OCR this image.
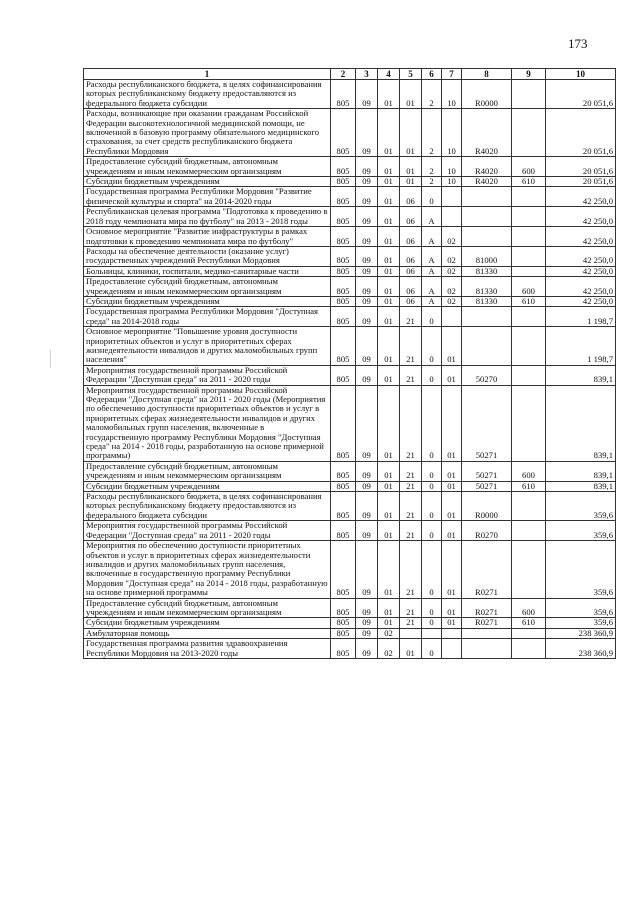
173
1	2	3	4	5	6	7	8	9	10
Расходы республиканского бюджета, в целях софинансирования которых республиканскому бюджету предоставляются из федерального бюджета субсидии	805	09	01	01	2	10	R0000		20 051,6
Расходы, возникающие при оказании гражданам Российской Федерации высокотехнологичной медицинской помощи, не включенной в базовую программу обязательного медицинского страхования, за счет средств республиканского бюджета Республики Мордовия	805	09	01	01	2	10	R4020		20 051,6
Предоставление субсидий бюджетным, автономным учреждениям и иным некоммерческим организациям	805	09	01	01	2	10	R4020	600	20 051,6
Субсидии бюджетным учреждениям	805	09	01	01	2	10	R4020	610	20 051,6
Государственная программа Республики Мордовия "Развитие физической культуры и спорта" на 2014-2020 годы	805	09	01	06	0				42 250,0
Республиканская целевая программа "Подготовка к проведению в 2018 году чемпионата мира по футболу" на 2013 - 2018 годы	805	09	01	06	А				42 250,0
Основное мероприятие "Развитие инфраструктуры в рамках подготовки к проведению чемпионата мира по футболу"	805	09	01	06	А	02			42 250,0
Расходы на обеспечение деятельности (оказание услуг) государственных учреждений Республики Мордовия	805	09	01	06	А	02	81000		42 250,0
Больницы, клиники, госпитали, медико-санитарные части	805	09	01	06	А	02	81330		42 250,0
Предоставление субсидий бюджетным, автономным учреждениям и иным некоммерческим организациям	805	09	01	06	А	02	81330	600	42 250,0
Субсидии бюджетным учреждениям	805	09	01	06	А	02	81330	610	42 250,0
Государственная программа Республики Мордовия "Доступная среда" на 2014-2018 годы	805	09	01	21	0				1 198,7
Основное мероприятие "Повышение уровня доступности приоритетных объектов и услуг в приоритетных сферах жизнедеятельности инвалидов и других маломобильных групп населения"	805	09	01	21	0	01			1 198,7
Мероприятия государственной программы Российской Федерации "Доступная среда" на 2011 - 2020 годы	805	09	01	21	0	01	50270		839,1
Мероприятия государственной программы Российской Федерации "Доступная среда" на 2011 - 2020 годы (Мероприятия по обеспечению доступности приоритетных объектов и услуг в приоритетных сферах жизнедеятельности инвалидов и других маломобильных групп населения, включенные в государственную программу Республики Мордовия "Доступная среда" на 2014 - 2018 годы, разработанную на основе примерной программы)	805	09	01	21	0	01	50271		839,1
Предоставление субсидий бюджетным, автономным учреждениям и иным некоммерческим организациям	805	09	01	21	0	01	50271	600	839,1
Субсидии бюджетным учреждениям	805	09	01	21	0	01	50271	610	839,1
Расходы республиканского бюджета, в целях софинансирования которых республиканскому бюджету предоставляются из федерального бюджета субсидии	805	09	01	21	0	01	R0000		359,6
Мероприятия государственной программы Российской Федерации "Доступная среда" на 2011 - 2020 годы	805	09	01	21	0	01	R0270		359,6
Мероприятия по обеспечению доступности приоритетных объектов и услуг в приоритетных сферах жизнедеятельности инвалидов и других маломобильных групп населения, включенные в государственную программу Республики Мордовия "Доступная среда" на 2014 - 2018 годы, разработанную на основе примерной программы	805	09	01	21	0	01	R0271		359,6
Предоставление субсидий бюджетным, автономным учреждениям и иным некоммерческим организациям	805	09	01	21	0	01	R0271	600	359,6
Субсидии бюджетным учреждениям	805	09	01	21	0	01	R0271	610	359,6
Амбулаторная помощь	805	09	02						238 360,9
Государственная программа развития здравоохранения Республики Мордовия на 2013-2020 годы	805	09	02	01	0				238 360,9
